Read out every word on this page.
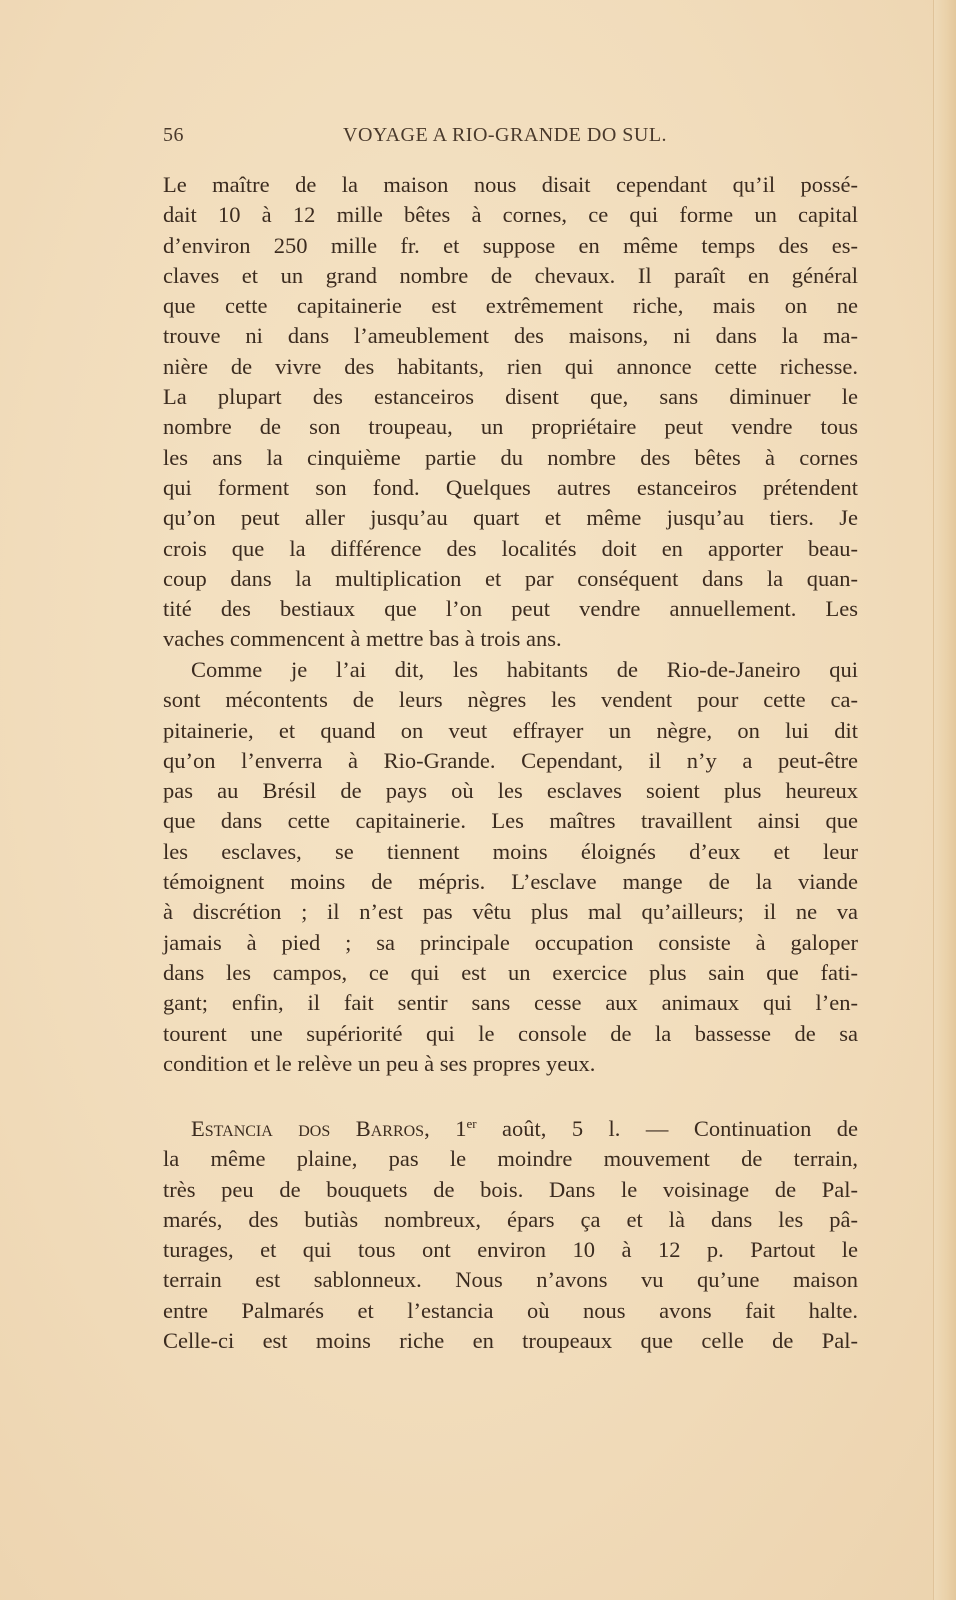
56	VOYAGE A RIO-GRANDE DO SUL.
Le maître de la maison nous disait cependant qu’il possé-
dait 10 à 12 mille bêtes à cornes, ce qui forme un capital
d’environ 250 mille fr. et suppose en même temps des es-
claves et un grand nombre de chevaux. Il paraît en général
que cette capitainerie est extrêmement riche, mais on ne
trouve ni dans l’ameublement des maisons, ni dans la ma-
nière de vivre des habitants, rien qui annonce cette richesse.
La plupart des estanceiros disent que, sans diminuer le
nombre de son troupeau, un propriétaire peut vendre tous
les ans la cinquième partie du nombre des bêtes à cornes
qui forment son fond. Quelques autres estanceiros prétendent
qu’on peut aller jusqu’au quart et même jusqu’au tiers. Je
crois que la différence des localités doit en apporter beau-
coup dans la multiplication et par conséquent dans la quan-
tité des bestiaux que l’on peut vendre annuellement. Les
vaches commencent à mettre bas à trois ans.
Comme je l’ai dit, les habitants de Rio-de-Janeiro qui
sont mécontents de leurs nègres les vendent pour cette ca-
pitainerie, et quand on veut effrayer un nègre, on lui dit
qu’on l’enverra à Rio-Grande. Cependant, il n’y a peut-être
pas au Brésil de pays où les esclaves soient plus heureux
que dans cette capitainerie. Les maîtres travaillent ainsi que
les esclaves, se tiennent moins éloignés d’eux et leur
témoignent moins de mépris. L’esclave mange de la viande
à discrétion ; il n’est pas vêtu plus mal qu’ailleurs; il ne va
jamais à pied ; sa principale occupation consiste à galoper
dans les campos, ce qui est un exercice plus sain que fati-
gant; enfin, il fait sentir sans cesse aux animaux qui l’en-
tourent une supériorité qui le console de la bassesse de sa
condition et le relève un peu à ses propres yeux.
Estancia dos Barros, 1er août, 5 l. — Continuation de
la même plaine, pas le moindre mouvement de terrain,
très peu de bouquets de bois. Dans le voisinage de Pal-
marés, des butiàs nombreux, épars ça et là dans les pâ-
turages, et qui tous ont environ 10 à 12 p. Partout le
terrain est sablonneux. Nous n’avons vu qu’une maison
entre Palmarés et l’estancia où nous avons fait halte.
Celle-ci est moins riche en troupeaux que celle de Pal-
